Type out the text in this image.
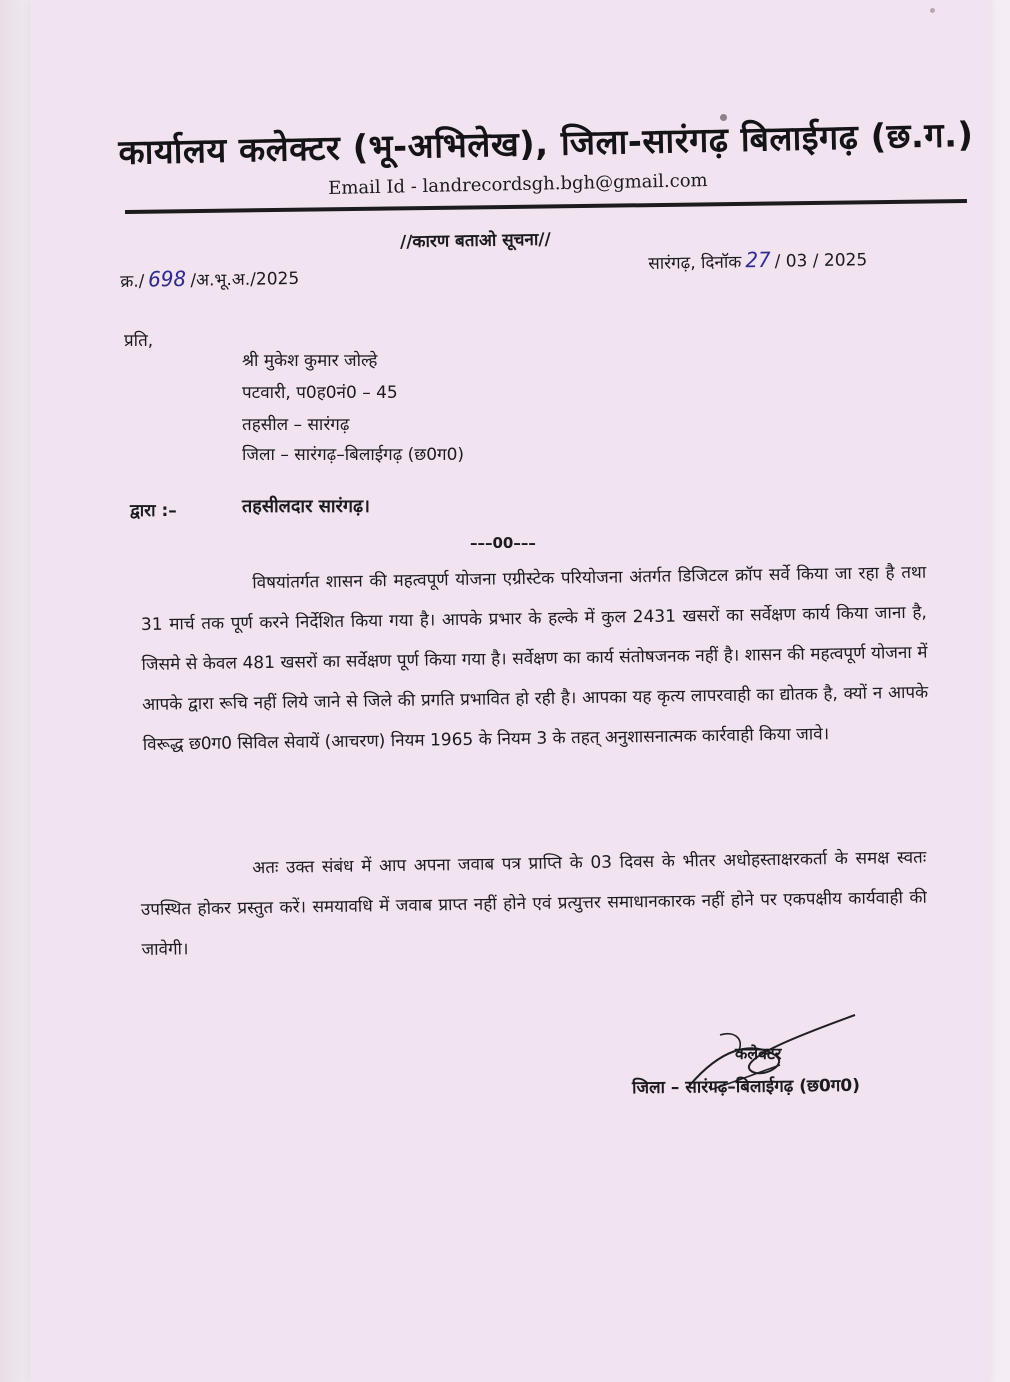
कार्यालय कलेक्टर (भू-अभिलेख), जिला-सारंगढ़ बिलाईगढ़ (छ.ग.)
Email Id - landrecordsgh.bgh@gmail.com
//कारण बताओ सूचना//
क्र./ 698 /अ.भू.अ./2025
सारंगढ़, दिनॉक 27 / 03 / 2025
प्रति,
श्री मुकेश कुमार जोल्हे
पटवारी, प0ह0नं0 – 45
तहसील – सारंगढ़
जिला – सारंगढ़–बिलाईगढ़ (छ0ग0)
द्वारा :–	तहसीलदार सारंगढ़।
–––00–––
विषयांतर्गत शासन की महत्वपूर्ण योजना एग्रीस्टेक परियोजना अंतर्गत डिजिटल क्रॉप सर्वे किया जा रहा है तथा 31 मार्च तक पूर्ण करने निर्देशित किया गया है। आपके प्रभार के हल्के में कुल 2431 खसरों का सर्वेक्षण कार्य किया जाना है, जिसमे से केवल 481 खसरों का सर्वेक्षण पूर्ण किया गया है। सर्वेक्षण का कार्य संतोषजनक नहीं है। शासन की महत्वपूर्ण योजना में आपके द्वारा रूचि नहीं लिये जाने से जिले की प्रगति प्रभावित हो रही है। आपका यह कृत्य लापरवाही का द्योतक है, क्यों न आपके विरूद्ध छ0ग0 सिविल सेवायें (आचरण) नियम 1965 के नियम 3 के तहत् अनुशासनात्मक कार्रवाही किया जावे।
अतः उक्त संबंध में आप अपना जवाब पत्र प्राप्ति के 03 दिवस के भीतर अधोहस्ताक्षरकर्ता के समक्ष स्वतः उपस्थित होकर प्रस्तुत करें। समयावधि में जवाब प्राप्त नहीं होने एवं प्रत्युत्तर समाधानकारक नहीं होने पर एकपक्षीय कार्यवाही की जावेगी।
कलेक्टर
जिला – सारंगढ़–बिलाईगढ़ (छ0ग0)
